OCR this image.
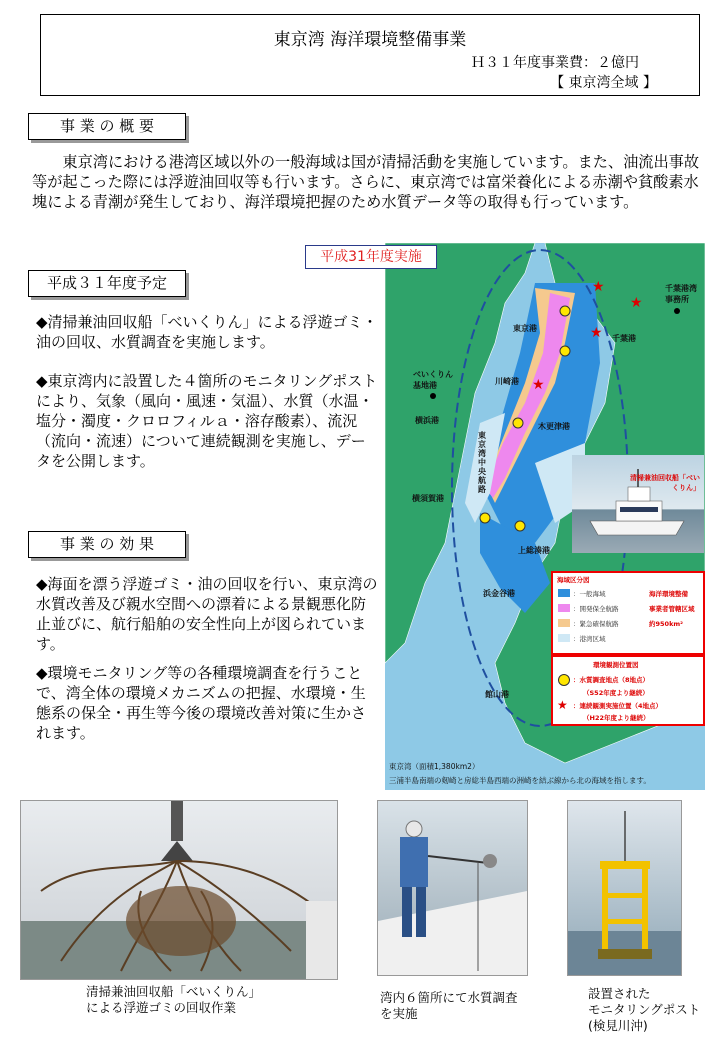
東京湾 海洋環境整備事業
Ｈ３１年度事業費：２億円
【 東京湾全域 】
事 業 の 概 要
東京湾における港湾区域以外の一般海域は国が清掃活動を実施しています。また、油流出事故等が起こった際には浮遊油回収等も行います。さらに、東京湾では富栄養化による赤潮や貧酸素水塊による青潮が発生しており、海洋環境把握のため水質データ等の取得も行っています。
平成３１年度予定
◆清掃兼油回収船「べいくりん」による浮遊ゴミ・油の回収、水質調査を実施します。
◆東京湾内に設置した４箇所のモニタリングポストにより、気象（風向・風速・気温）、水質（水温・塩分・濁度・クロロフィルａ・溶存酸素）、流況（流向・流速）について連続観測を実施し、データを公開します。
事 業 の 効 果
◆海面を漂う浮遊ゴミ・油の回収を行い、東京湾の水質改善及び親水空間への漂着による景観悪化防止並びに、航行船舶の安全性向上が図られています。
◆環境モニタリング等の各種環境調査を行うことで、湾全体の環境メカニズムの把握、水環境・生態系の保全・再生等今後の環境改善対策に生かされます。
★
★
★
★
東京港
千葉港
千葉港湾
事務所
川崎港
横浜港
横須賀港
木更津港
上総湊港
浜金谷港
館山港
べいくりん
基地港
東京湾中央航路
清掃兼油回収船「べいくりん」
東京湾（面積1,380km2）
三浦半島南端の剱崎と房総半島西端の洲崎を結ぶ線から北の海域を指します。
平成31年度実施
海域区分図
：一般海域
：開発保全航路
：緊急確保航路
：港湾区域
海洋環境整備
事業者管轄区域
約950km²
環境観測位置図
：水質調査地点（8地点）
（S52年度より継続）
★ ：連続観測実施位置（4地点）
（H22年度より継続）
清掃兼油回収船「べいくりん」
による浮遊ゴミの回収作業
湾内６箇所にて水質調査
を実施
設置された
モニタリングポスト
(検見川沖)
